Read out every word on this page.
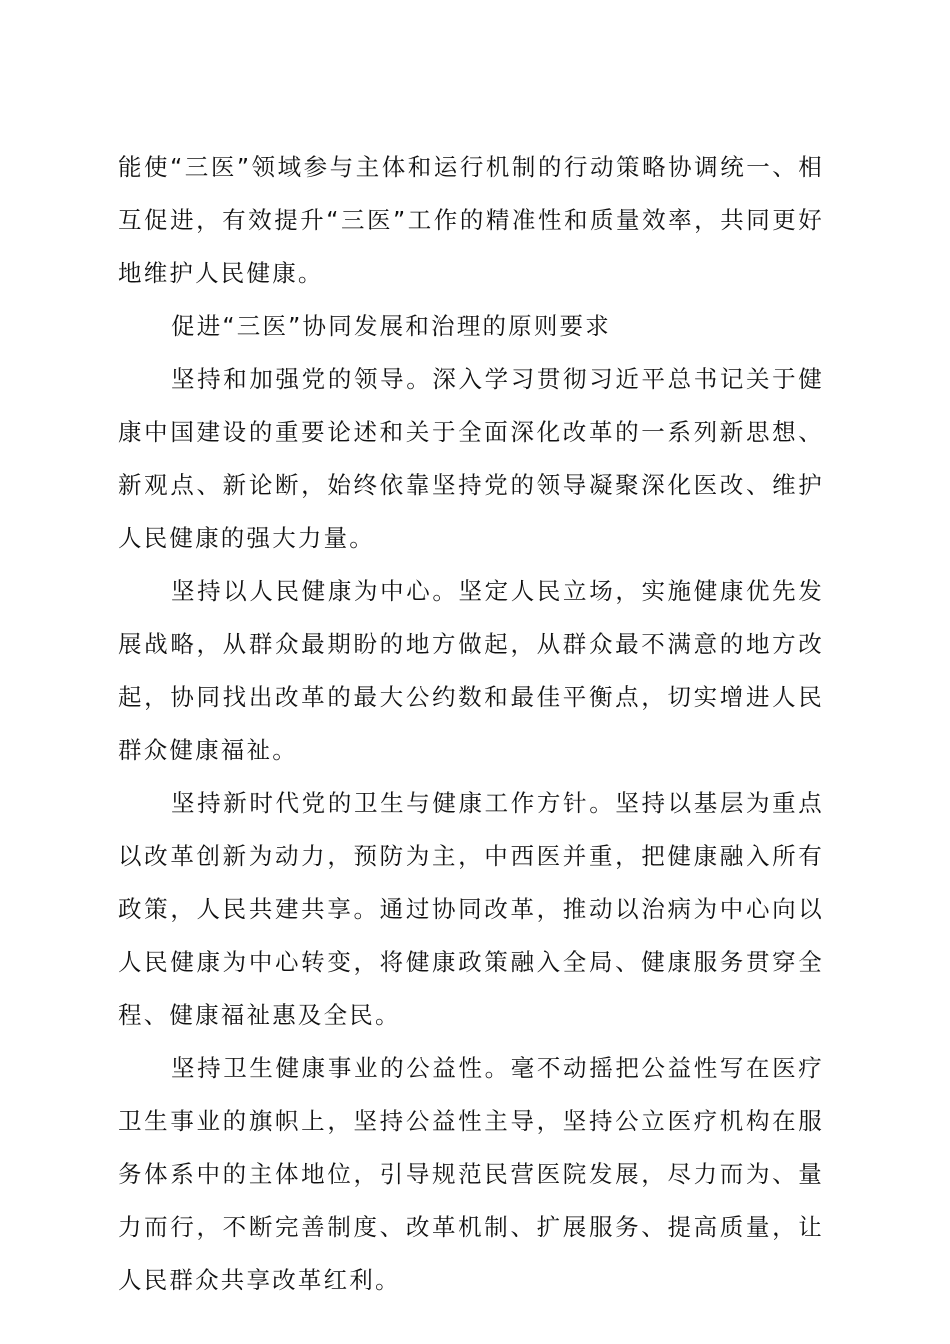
能使“三医”领域参与主体和运行机制的行动策略协调统一、相互促进，有效提升“三医”工作的精准性和质量效率，共同更好地维护人民健康。

促进“三医”协同发展和治理的原则要求

坚持和加强党的领导。深入学习贯彻习近平总书记关于健康中国建设的重要论述和关于全面深化改革的一系列新思想、新观点、新论断，始终依靠坚持党的领导凝聚深化医改、维护人民健康的强大力量。

坚持以人民健康为中心。坚定人民立场，实施健康优先发展战略，从群众最期盼的地方做起，从群众最不满意的地方改起，协同找出改革的最大公约数和最佳平衡点，切实增进人民群众健康福祉。

坚持新时代党的卫生与健康工作方针。坚持以基层为重点以改革创新为动力，预防为主，中西医并重，把健康融入所有政策，人民共建共享。通过协同改革，推动以治病为中心向以人民健康为中心转变，将健康政策融入全局、健康服务贯穿全程、健康福祉惠及全民。

坚持卫生健康事业的公益性。毫不动摇把公益性写在医疗卫生事业的旗帜上，坚持公益性主导，坚持公立医疗机构在服务体系中的主体地位，引导规范民营医院发展，尽力而为、量力而行，不断完善制度、改革机制、扩展服务、提高质量，让人民群众共享改革红利。
